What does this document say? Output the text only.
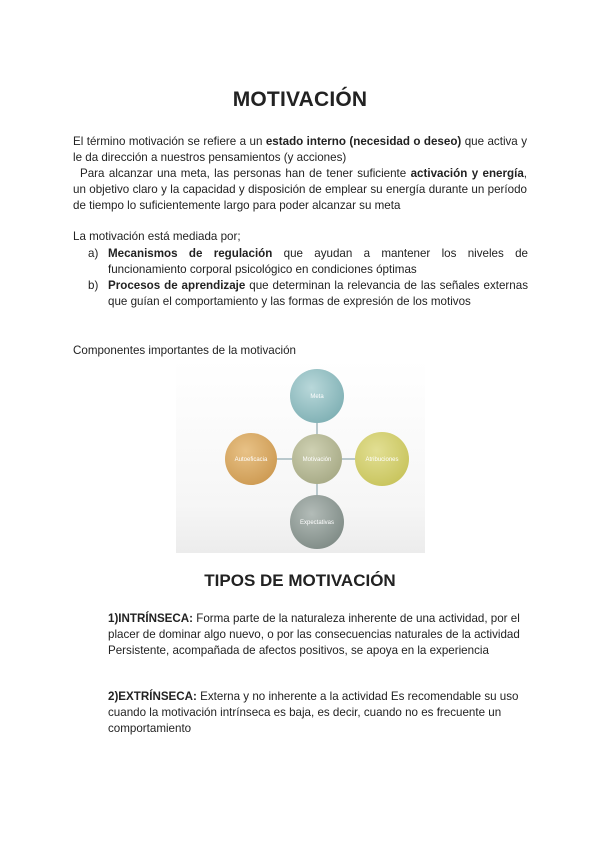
MOTIVACIÓN
El término motivación se refiere a un estado interno (necesidad o deseo) que activa y le da dirección a nuestros pensamientos (y acciones)
Para alcanzar una meta, las personas han de tener suficiente activación y energía, un objetivo claro y la capacidad y disposición de emplear su energía durante un período de tiempo lo suficientemente largo para poder alcanzar su meta
La motivación está mediada por;
a) Mecanismos de regulación que ayudan a mantener los niveles de funcionamiento corporal psicológico en condiciones óptimas
b) Procesos de aprendizaje que determinan la relevancia de las señales externas que guían el comportamiento y las formas de expresión de los motivos
Componentes importantes de la motivación
Meta
Autoeficacia	Atribuciones
Expectativas
Motivación
TIPOS DE MOTIVACIÓN
1)INTRÍNSECA: Forma parte de la naturaleza inherente de una actividad, por el placer de dominar algo nuevo, o por las consecuencias naturales de la actividad Persistente, acompañada de afectos positivos, se apoya en la experiencia
2)EXTRÍNSECA: Externa y no inherente a la actividad Es recomendable su uso cuando la motivación intrínseca es baja, es decir, cuando no es frecuente un comportamiento
